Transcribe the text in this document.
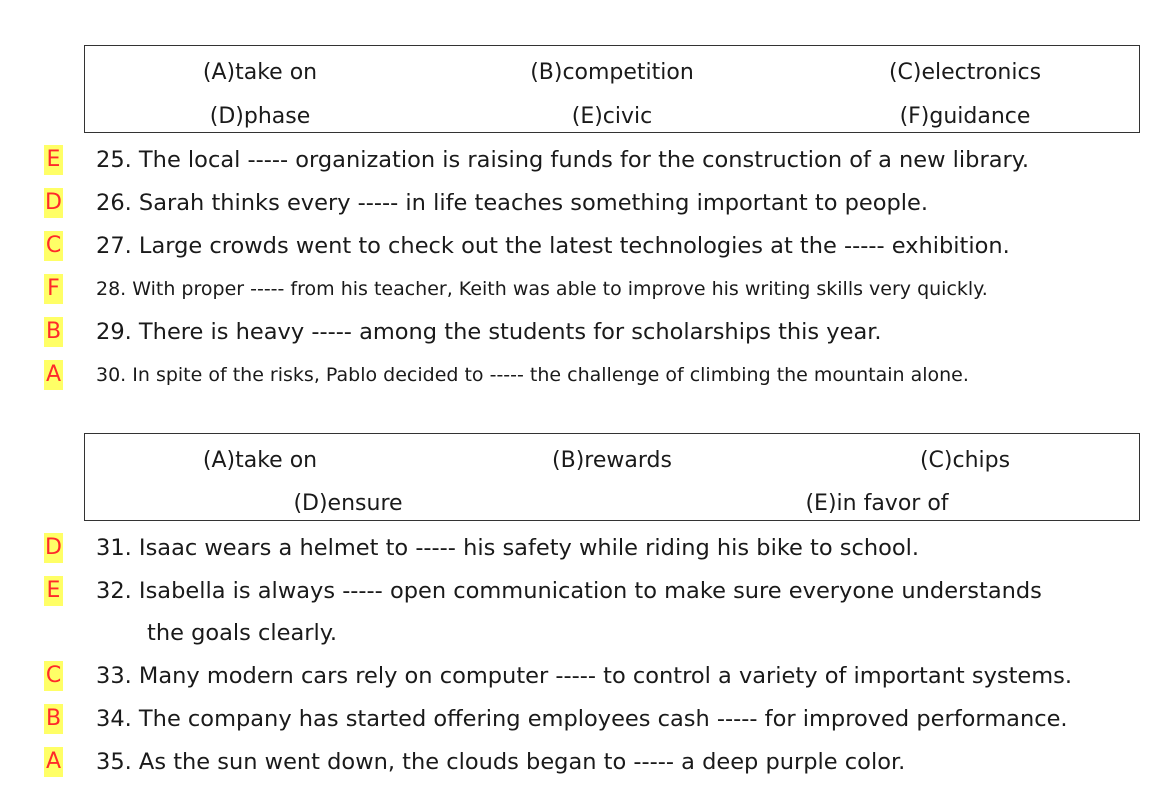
(A)take on	(B)competition	(C)electronics
(D)phase	(E)civic	(F)guidance
E 25. The local ----- organization is raising funds for the construction of a new library.
D 26. Sarah thinks every ----- in life teaches something important to people.
C 27. Large crowds went to check out the latest technologies at the ----- exhibition.
F 28. With proper ----- from his teacher, Keith was able to improve his writing skills very quickly.
B 29. There is heavy ----- among the students for scholarships this year.
A 30. In spite of the risks, Pablo decided to ----- the challenge of climbing the mountain alone.
(A)take on	(B)rewards	(C)chips
(D)ensure	(E)in favor of
D 31. Isaac wears a helmet to ----- his safety while riding his bike to school.
E 32. Isabella is always ----- open communication to make sure everyone understands
the goals clearly.
C 33. Many modern cars rely on computer ----- to control a variety of important systems.
B 34. The company has started offering employees cash ----- for improved performance.
A 35. As the sun went down, the clouds began to ----- a deep purple color.
